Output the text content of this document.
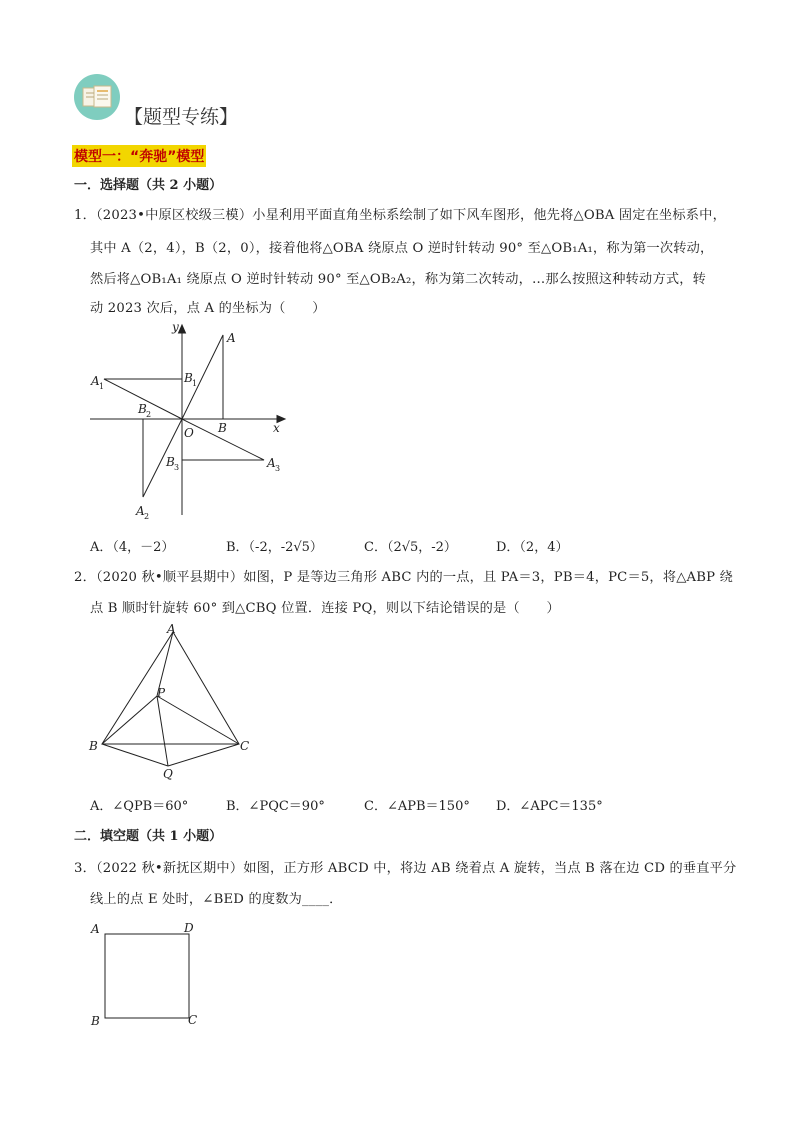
【题型专练】
模型一：“奔驰”模型
一．选择题（共 2 小题）
1．（2023•中原区校级三模）小星利用平面直角坐标系绘制了如下风车图形，他先将△OBA 固定在坐标系中，
其中 A（2，4），B（2，0），接着他将△OBA 绕原点 O 逆时针转动 90° 至△OB₁A₁，称为第一次转动，
然后将△OB₁A₁ 绕原点 O 逆时针转动 90° 至△OB₂A₂，称为第二次转动，…那么按照这种转动方式，转
动 2023 次后，点 A 的坐标为（　　）
y
x
O
A
B
A	B
A
B
A
B
1	1
2
2
3
3
A．（4，－2）	B．（-2，-2√5）	C．（2√5，-2）	D．（2，4）
2．（2020 秋•顺平县期中）如图，P 是等边三角形 ABC 内的一点，且 PA＝3，PB＝4，PC＝5，将△ABP 绕
点 B 顺时针旋转 60° 到△CBQ 位置．连接 PQ，则以下结论错误的是（　　）
A
B	C
P
Q
A．∠QPB＝60°	B．∠PQC＝90°	C．∠APB＝150° D．∠APC＝135°
二．填空题（共 1 小题）
3．（2022 秋•新抚区期中）如图，正方形 ABCD 中，将边 AB 绕着点 A 旋转，当点 B 落在边 CD 的垂直平分
线上的点 E 处时，∠BED 的度数为____．
A	D
B	C
